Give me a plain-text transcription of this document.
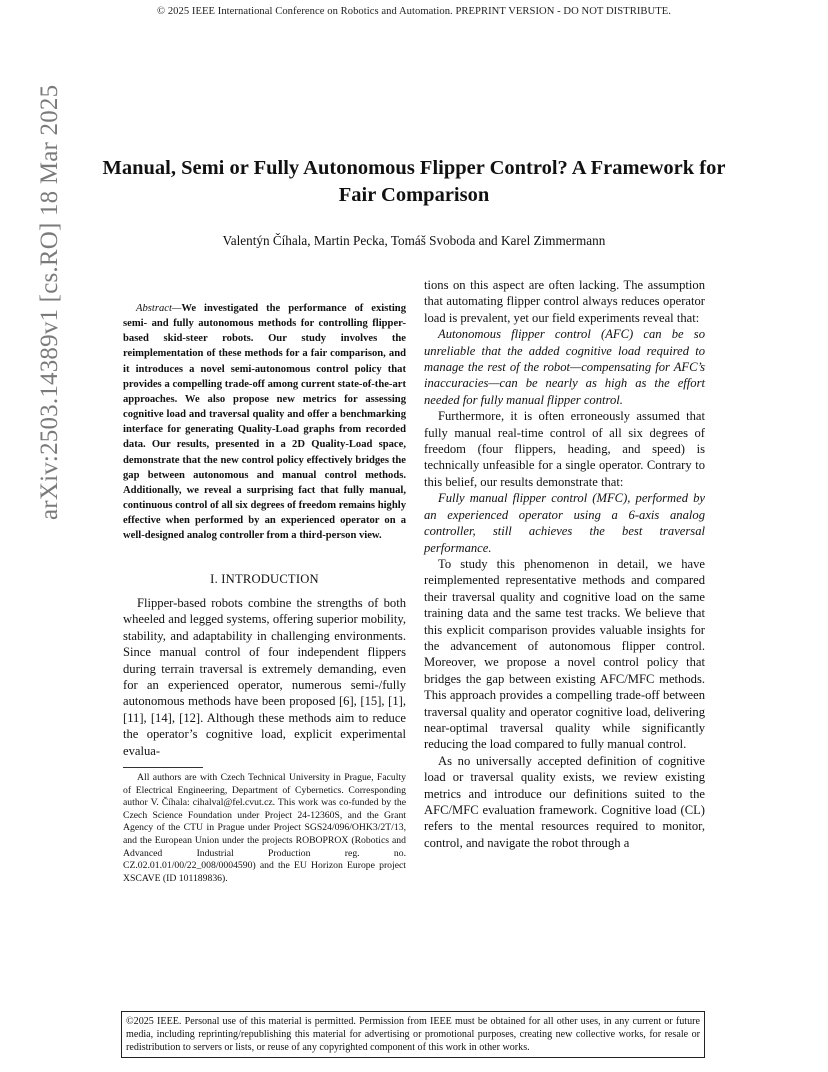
© 2025 IEEE International Conference on Robotics and Automation. PREPRINT VERSION - DO NOT DISTRIBUTE.
arXiv:2503.14389v1 [cs.RO] 18 Mar 2025 Manual, Semi or Fully Autonomous Flipper Control? A Framework for Fair Comparison
Valentýn Číhala, Martin Pecka, Tomáš Svoboda and Karel Zimmermann
Abstract—We investigated the performance of existing semi- and fully autonomous methods for controlling flipper-based skid-steer robots. Our study involves the reimplementation of these methods for a fair comparison, and it introduces a novel semi-autonomous control policy that provides a compelling trade-off among current state-of-the-art approaches. We also propose new metrics for assessing cognitive load and traversal quality and offer a benchmarking interface for generating Quality-Load graphs from recorded data. Our results, presented in a 2D Quality-Load space, demonstrate that the new control policy effectively bridges the gap between autonomous and manual control methods. Additionally, we reveal a surprising fact that fully manual, continuous control of all six degrees of freedom remains highly effective when performed by an experienced operator on a well-designed analog controller from a third-person view.
I. INTRODUCTION
Flipper-based robots combine the strengths of both wheeled and legged systems, offering superior mobility, stability, and adaptability in challenging environments. Since manual control of four independent flippers during terrain traversal is extremely demanding, even for an experienced operator, numerous semi-/fully autonomous methods have been proposed [6], [15], [1], [11], [14], [12]. Although these methods aim to reduce the operator’s cognitive load, explicit experimental evalua-
All authors are with Czech Technical University in Prague, Faculty of Electrical Engineering, Department of Cybernetics. Corresponding author V. Číhala: cihalval@fel.cvut.cz. This work was co-funded by the Czech Science Foundation under Project 24-12360S, and the Grant Agency of the CTU in Prague under Project SGS24/096/OHK3/2T/13, and the European Union under the projects ROBOPROX (Robotics and Advanced Industrial Production reg. no. CZ.02.01.01/00/22_008/0004590) and the EU Horizon Europe project XSCAVE (ID 101189836).
tions on this aspect are often lacking. The assumption that automating flipper control always reduces operator load is prevalent, yet our field experiments reveal that:
Autonomous flipper control (AFC) can be so unreliable that the added cognitive load required to manage the rest of the robot—compensating for AFC’s inaccuracies—can be nearly as high as the effort needed for fully manual flipper control.
Furthermore, it is often erroneously assumed that fully manual real-time control of all six degrees of freedom (four flippers, heading, and speed) is technically unfeasible for a single operator. Contrary to this belief, our results demonstrate that:
Fully manual flipper control (MFC), performed by an experienced operator using a 6-axis analog controller, still achieves the best traversal performance.
To study this phenomenon in detail, we have reimplemented representative methods and compared their traversal quality and cognitive load on the same training data and the same test tracks. We believe that this explicit comparison provides valuable insights for the advancement of autonomous flipper control. Moreover, we propose a novel control policy that bridges the gap between existing AFC/MFC methods. This approach provides a compelling trade-off between traversal quality and operator cognitive load, delivering near-optimal traversal quality while significantly reducing the load compared to fully manual control.
As no universally accepted definition of cognitive load or traversal quality exists, we review existing metrics and introduce our definitions suited to the AFC/MFC evaluation framework. Cognitive load (CL) refers to the mental resources required to monitor, control, and navigate the robot through a
©2025 IEEE. Personal use of this material is permitted. Permission from IEEE must be obtained for all other uses, in any current or future media, including reprinting/republishing this material for advertising or promotional purposes, creating new collective works, for resale or redistribution to servers or lists, or reuse of any copyrighted component of this work in other works.
